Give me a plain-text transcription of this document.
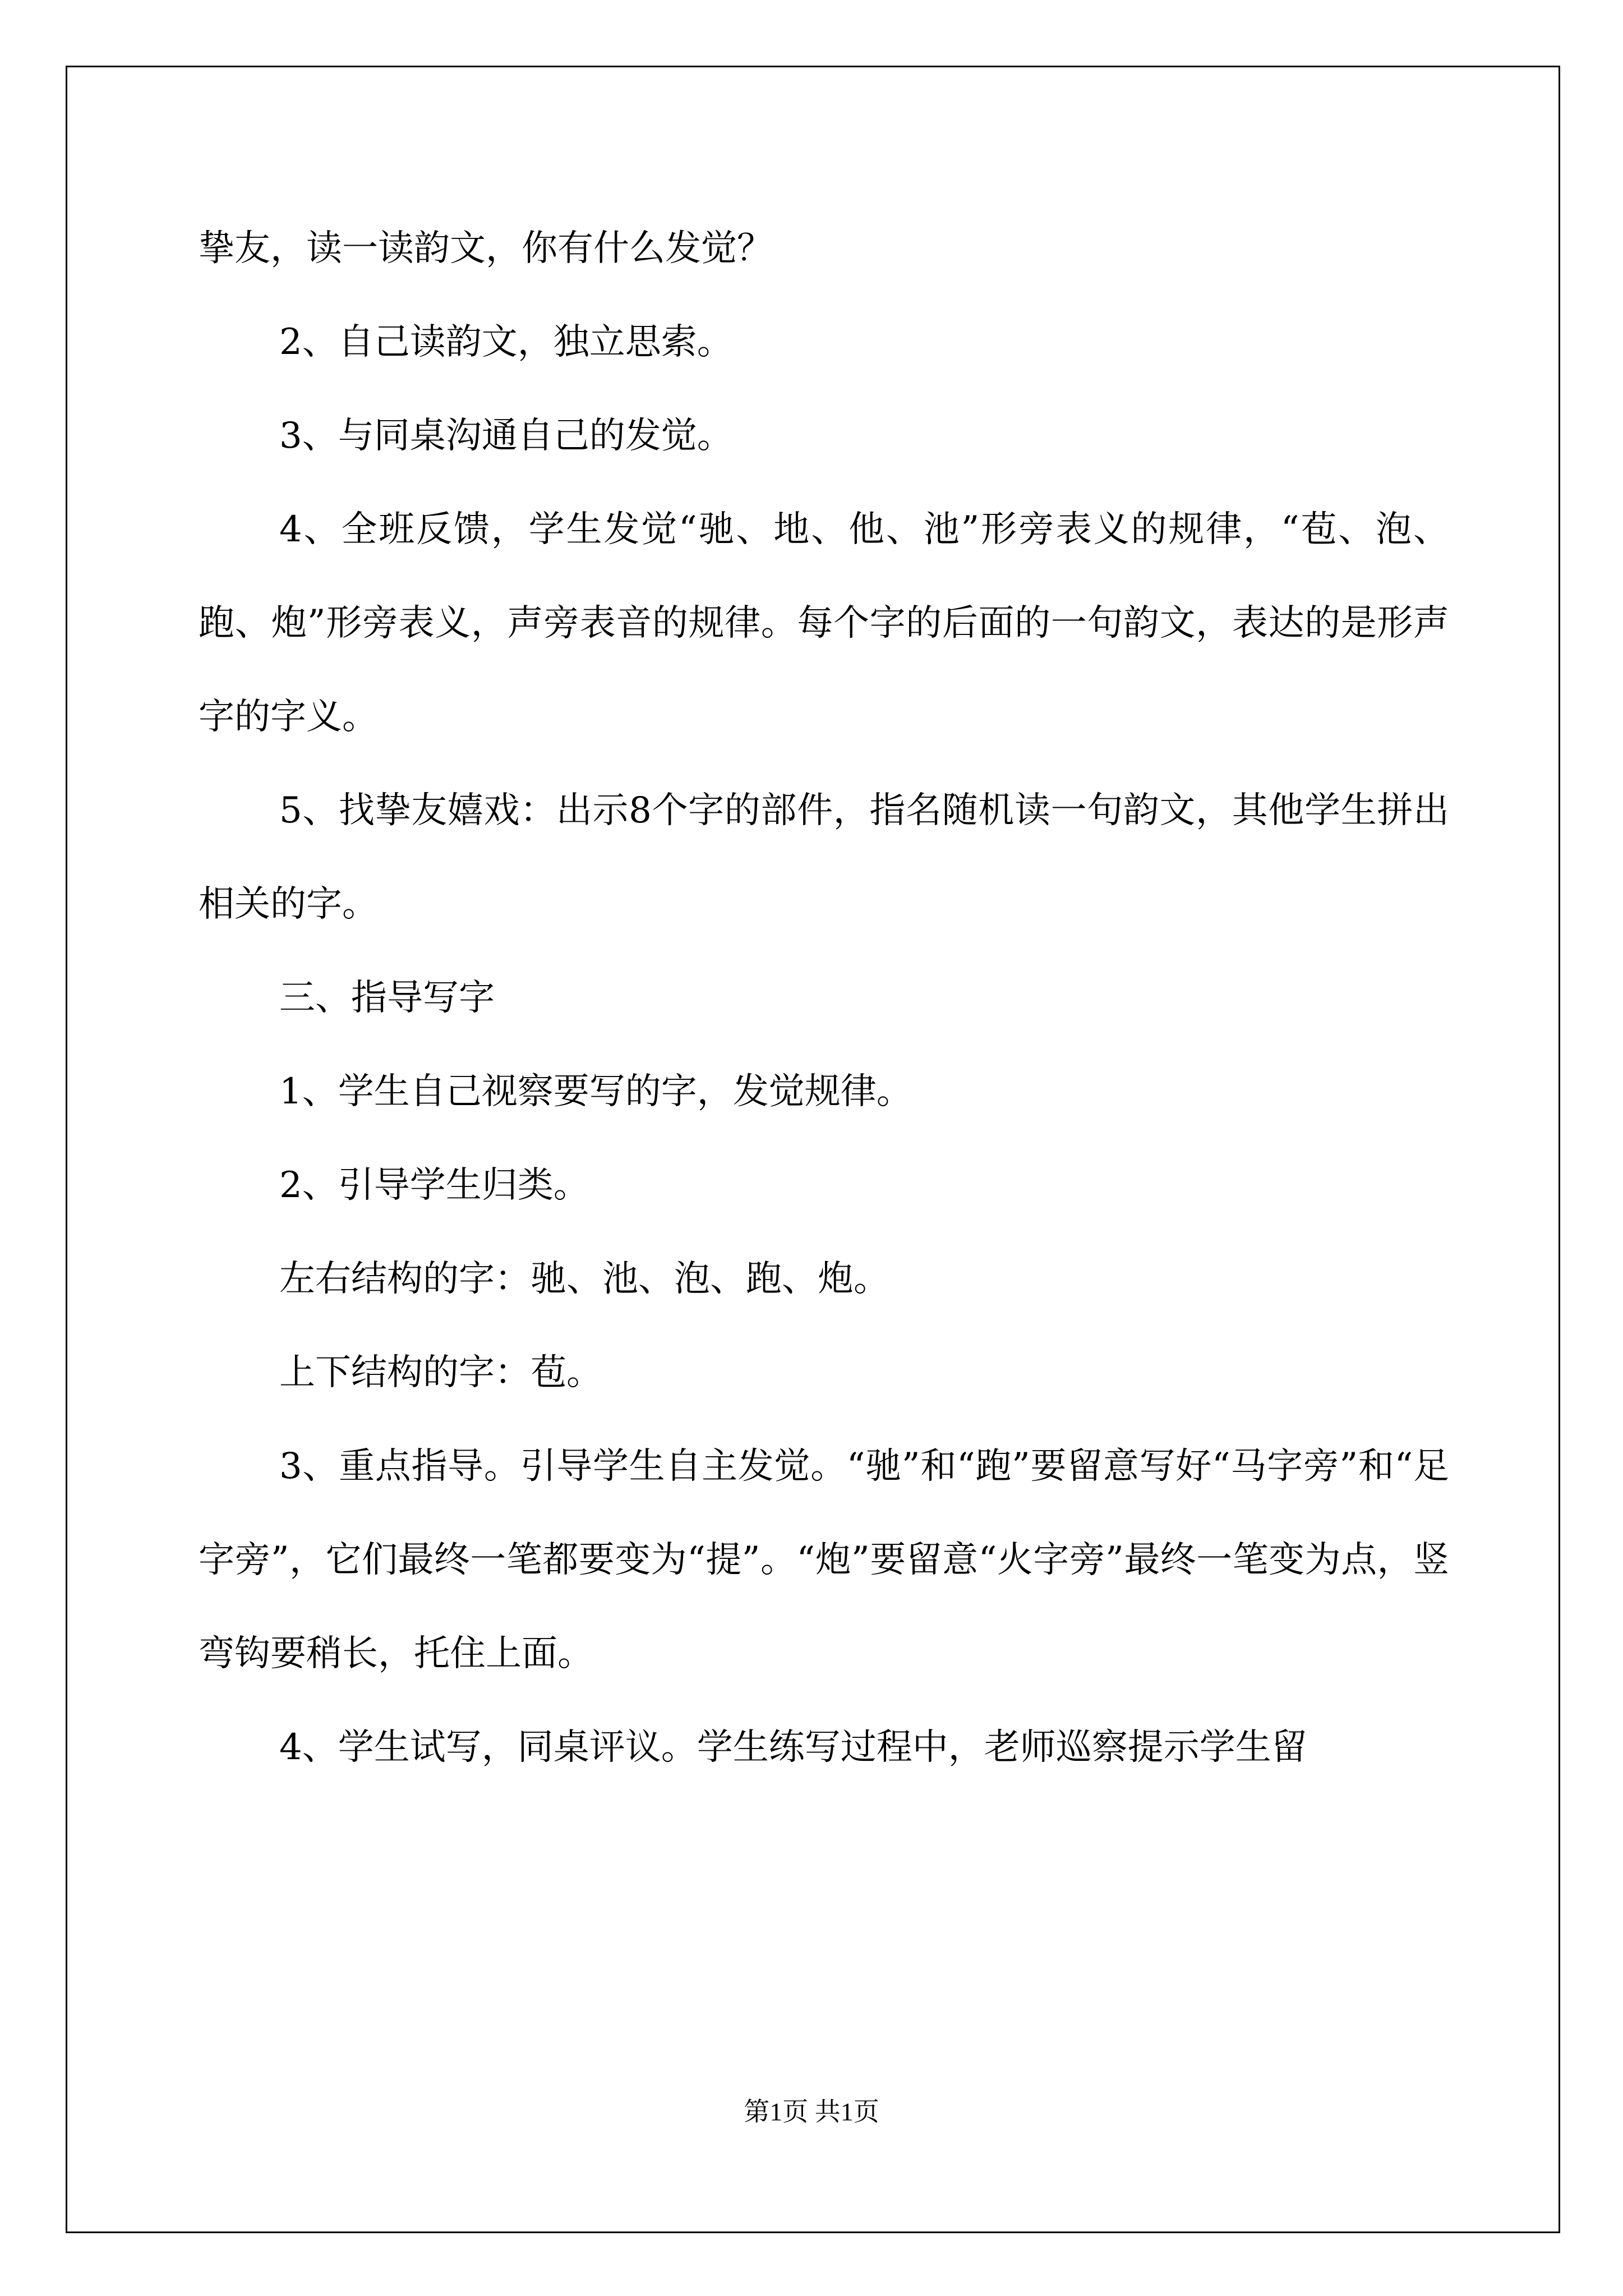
挚友，读一读韵文，你有什么发觉？

2、自己读韵文，独立思索。

3、与同桌沟通自己的发觉。

4、全班反馈，学生发觉“驰、地、他、池”形旁表义的规律，“苞、泡、跑、炮”形旁表义，声旁表音的规律。每个字的后面的一句韵文，表达的是形声字的字义。

5、找挚友嬉戏：出示8个字的部件，指名随机读一句韵文，其他学生拼出相关的字。

三、指导写字

1、学生自己视察要写的字，发觉规律。

2、引导学生归类。

左右结构的字：驰、池、泡、跑、炮。

上下结构的字：苞。

3、重点指导。引导学生自主发觉。“驰”和“跑”要留意写好“马字旁”和“足字旁”，它们最终一笔都要变为“提”。“炮”要留意“火字旁”最终一笔变为点，竖弯钩要稍长，托住上面。

4、学生试写，同桌评议。学生练写过程中，老师巡察提示学生留

第1页 共1页
